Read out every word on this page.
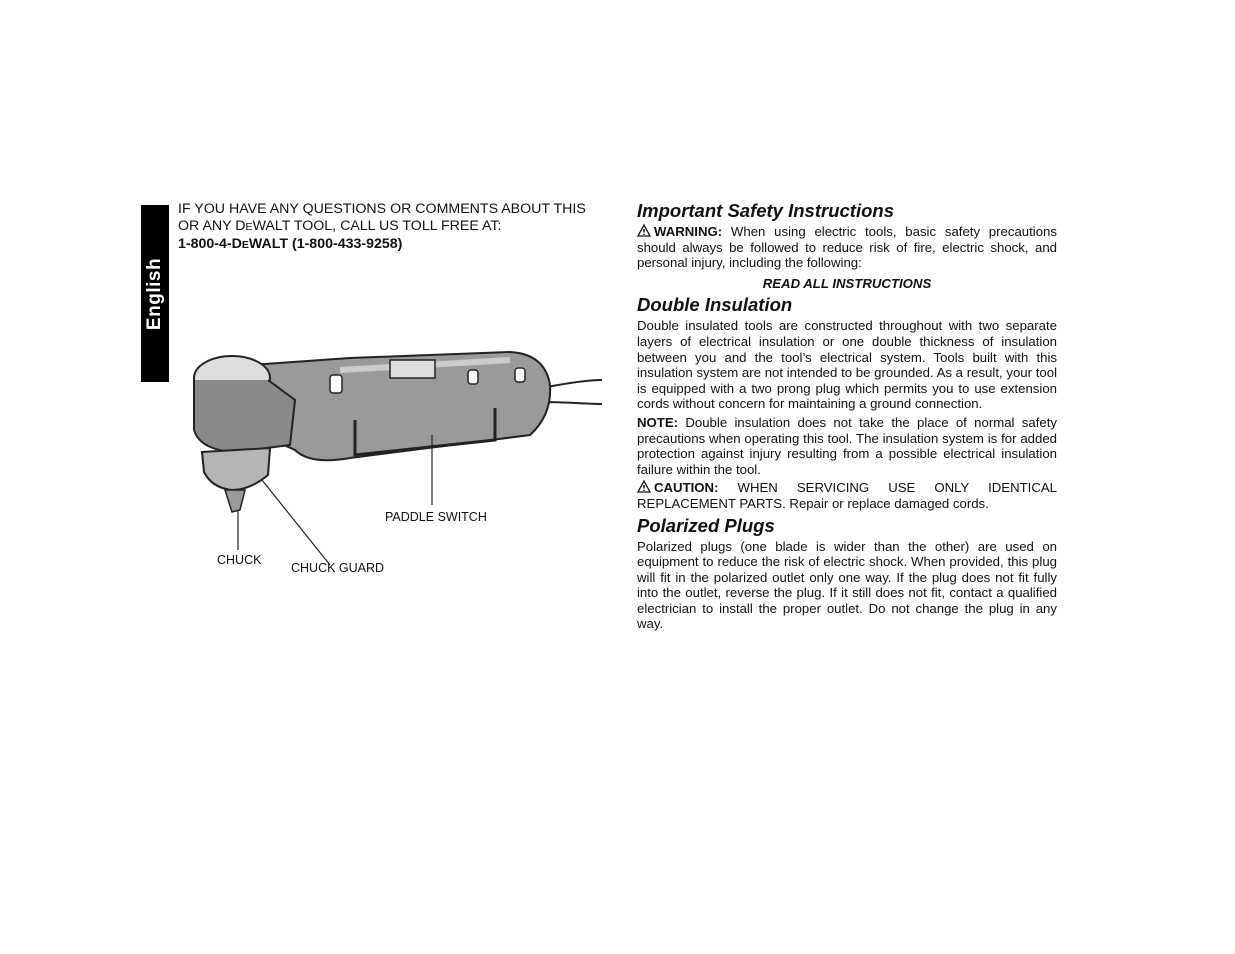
English
IF YOU HAVE ANY QUESTIONS OR COMMENTS ABOUT THIS
OR ANY DEWALT TOOL, CALL US TOLL FREE AT:
1-800-4-DEWALT (1-800-433-9258)
PADDLE SWITCH
CHUCK
CHUCK GUARD
Important Safety Instructions

WARNING: When using electric tools, basic safety precautions should always be followed to reduce risk of fire, electric shock, and personal injury, including the following:

READ ALL INSTRUCTIONS

Double Insulation

Double insulated tools are constructed throughout with two separate layers of electrical insulation or one double thickness of insulation between you and the tool’s electrical system. Tools built with this insulation system are not intended to be grounded. As a result, your tool is equipped with a two prong plug which permits you to use extension cords without concern for maintaining a ground connection.

NOTE: Double insulation does not take the place of normal safety precautions when operating this tool. The insulation system is for added protection against injury resulting from a possible electrical insulation failure within the tool.

CAUTION: WHEN SERVICING USE ONLY IDENTICAL REPLACEMENT PARTS. Repair or replace damaged cords.

Polarized Plugs

Polarized plugs (one blade is wider than the other) are used on equipment to reduce the risk of electric shock. When provided, this plug will fit in the polarized outlet only one way. If the plug does not fit fully into the outlet, reverse the plug. If it still does not fit, contact a qualified electrician to install the proper outlet. Do not change the plug in any way.
